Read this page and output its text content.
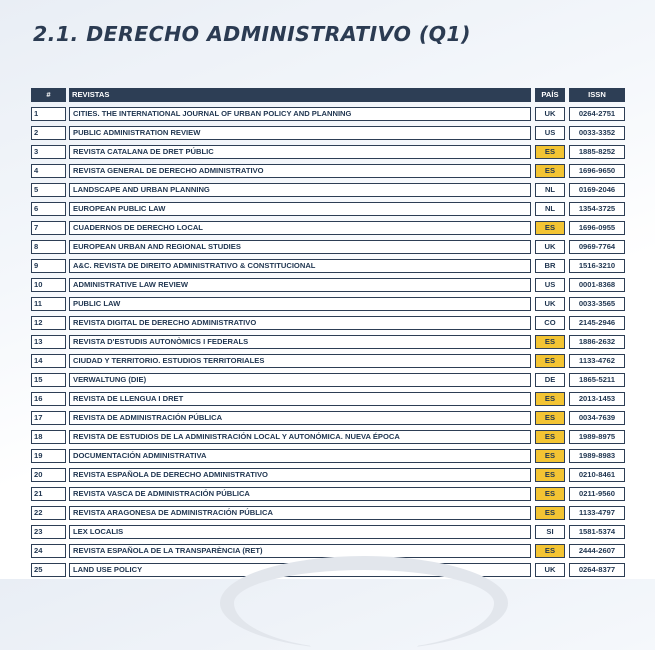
2.1. DERECHO ADMINISTRATIVO (Q1)
#	REVISTAS	PAÍS	ISSN
1	CITIES. THE INTERNATIONAL JOURNAL OF URBAN POLICY AND PLANNING	UK	0264-2751
2	PUBLIC ADMINISTRATION REVIEW	US	0033-3352
3	REVISTA CATALANA DE DRET PÚBLIC	ES	1885-8252
4	REVISTA GENERAL DE DERECHO ADMINISTRATIVO	ES	1696-9650
5	LANDSCAPE AND URBAN PLANNING	NL	0169-2046
6	EUROPEAN PUBLIC LAW	NL	1354-3725
7	CUADERNOS DE DERECHO LOCAL	ES	1696-0955
8	EUROPEAN URBAN AND REGIONAL STUDIES	UK	0969-7764
9	A&C. REVISTA DE DIREITO ADMINISTRATIVO & CONSTITUCIONAL	BR	1516-3210
10	ADMINISTRATIVE LAW REVIEW	US	0001-8368
11	PUBLIC LAW	UK	0033-3565
12	REVISTA DIGITAL DE DERECHO ADMINISTRATIVO	CO	2145-2946
13	REVISTA D'ESTUDIS AUTONÒMICS I FEDERALS	ES	1886-2632
14	CIUDAD Y TERRITORIO. ESTUDIOS TERRITORIALES	ES	1133-4762
15	VERWALTUNG (DIE)	DE	1865-5211
16	REVISTA DE LLENGUA I DRET	ES	2013-1453
17	REVISTA DE ADMINISTRACIÓN PÚBLICA	ES	0034-7639
18	REVISTA DE ESTUDIOS DE LA ADMINISTRACIÓN LOCAL Y AUTONÓMICA. NUEVA ÉPOCA	ES	1989-8975
19	DOCUMENTACIÓN ADMINISTRATIVA	ES	1989-8983
20	REVISTA ESPAÑOLA DE DERECHO ADMINISTRATIVO	ES	0210-8461
21	REVISTA VASCA DE ADMINISTRACIÓN PÚBLICA	ES	0211-9560
22	REVISTA ARAGONESA DE ADMINISTRACIÓN PÚBLICA	ES	1133-4797
23	LEX LOCALIS	SI	1581-5374
24	REVISTA ESPAÑOLA DE LA TRANSPARÈNCIA (RET)	ES	2444-2607
25	LAND USE POLICY	UK	0264-8377
